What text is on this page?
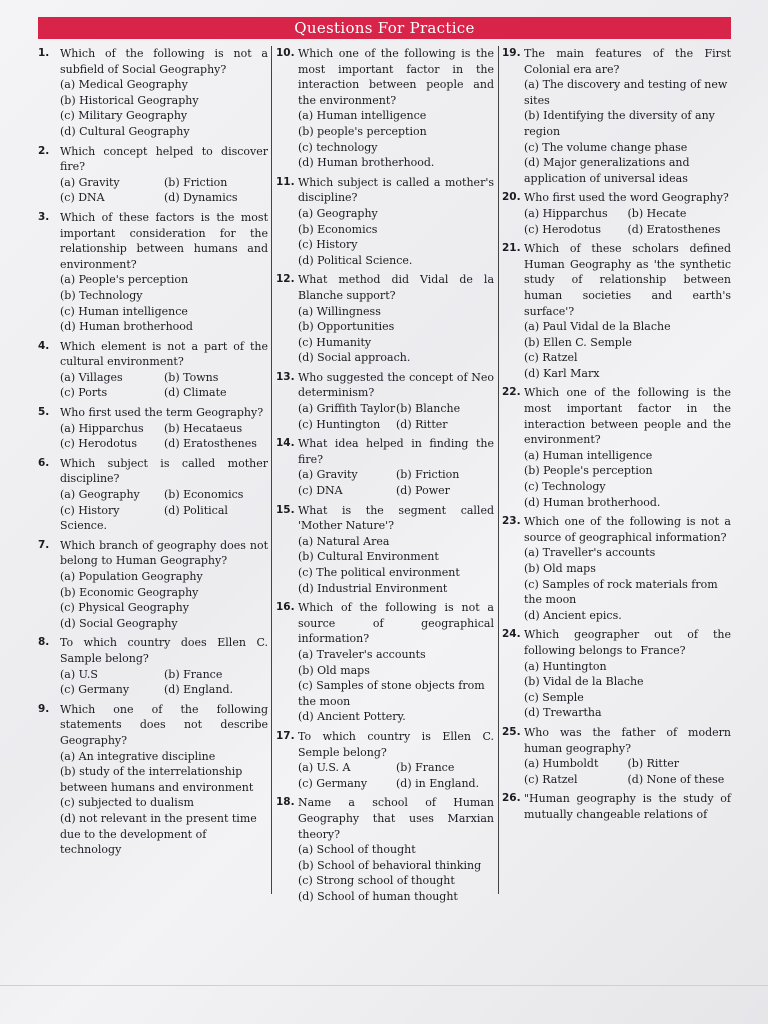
Questions For Practice
1. Which of the following is not a subfield of Social Geography?
(a) Medical Geography
(b) Historical Geography
(c) Military Geography
(d) Cultural Geography
2. Which concept helped to discover fire?
(a) Gravity	(b) Friction
(c) DNA	(d) Dynamics
3. Which of these factors is the most important consideration for the relationship between humans and environment?
(a) People's perception
(b) Technology
(c) Human intelligence
(d) Human brotherhood
4. Which element is not a part of the cultural environment?
(a) Villages	(b) Towns
(c) Ports	(d) Climate
5. Who first used the term Geography?
(a) Hipparchus	(b) Hecataeus
(c) Herodotus	(d) Eratosthenes
6. Which subject is called mother discipline?
(a) Geography	(b) Economics
(c) History	(d) Political
Science.
7. Which branch of geography does not belong to Human Geography?
(a) Population Geography
(b) Economic Geography
(c) Physical Geography
(d) Social Geography
8. To which country does Ellen C. Sample belong?
(a) U.S	(b) France
(c) Germany	(d) England.
9. Which one of the following statements does not describe Geography?
(a) An integrative discipline
(b) study of the interrelationship between humans and environment
(c) subjected to dualism
(d) not relevant in the present time due to the development of technology
10. Which one of the following is the most important factor in the interaction between people and the environment?
(a) Human intelligence
(b) people's perception
(c) technology
(d) Human brotherhood.
11. Which subject is called a mother's discipline?
(a) Geography
(b) Economics
(c) History
(d) Political Science.
12. What method did Vidal de la Blanche support?
(a) Willingness
(b) Opportunities
(c) Humanity
(d) Social approach.
13. Who suggested the concept of Neo determinism?
(a) Griffith Taylor (b) Blanche
(c) Huntington	(d) Ritter
14. What idea helped in finding the fire?
(a) Gravity	(b) Friction
(c) DNA	(d) Power
15. What is the segment called 'Mother Nature'?
(a) Natural Area
(b) Cultural Environment
(c) The political environment
(d) Industrial Environment
16. Which of the following is not a source of geographical information?
(a) Traveler's accounts
(b) Old maps
(c) Samples of stone objects from the moon
(d) Ancient Pottery.
17. To which country is Ellen C. Semple belong?
(a) U.S. A	(b) France
(c) Germany	(d) in England.
18. Name a school of Human Geography that uses Marxian theory?
(a) School of thought
(b) School of behavioral thinking
(c) Strong school of thought
(d) School of human thought
19. The main features of the First Colonial era are?
(a) The discovery and testing of new sites
(b) Identifying the diversity of any region
(c) The volume change phase
(d) Major generalizations and application of universal ideas
20. Who first used the word Geography?
(a) Hipparchus	(b) Hecate
(c) Herodotus	(d) Eratosthenes
21. Which of these scholars defined Human Geography as 'the synthetic study of relationship between human societies and earth's surface'?
(a) Paul Vidal de la Blache
(b) Ellen C. Semple
(c) Ratzel
(d) Karl Marx
22. Which one of the following is the most important factor in the interaction between people and the environment?
(a) Human intelligence
(b) People's perception
(c) Technology
(d) Human brotherhood.
23. Which one of the following is not a source of geographical information?
(a) Traveller's accounts
(b) Old maps
(c) Samples of rock materials from the moon
(d) Ancient epics.
24. Which geographer out of the following belongs to France?
(a) Huntington
(b) Vidal de la Blache
(c) Semple
(d) Trewartha
25. Who was the father of modern human geography?
(a) Humboldt	(b) Ritter
(c) Ratzel	(d) None of these
26. "Human geography is the study of mutually changeable relations of
